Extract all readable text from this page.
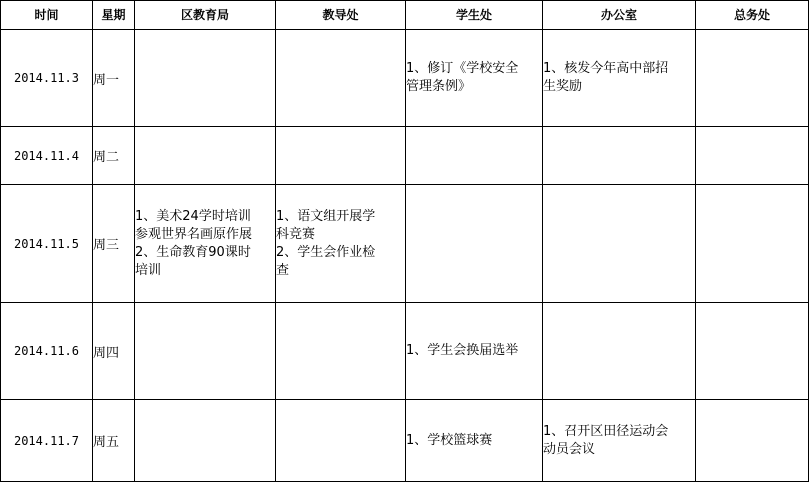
时间	星期	区教育局	教导处	学生处	办公室	总务处
2014.11.3	周一			1、修订《学校安全
管理条例》	1、核发今年高中部招
生奖励	

2014.11.4	周二					
2014.11.5	周三	1、美术24学时培训
参观世界名画原作展
2、生命教育90课时
培训	1、语文组开展学
科竞赛
2、学生会作业检
查			

2014.11.6	周四			1、学生会换届选举		

2014.11.7	周五			1、学校篮球赛	1、召开区田径运动会
动员会议	
